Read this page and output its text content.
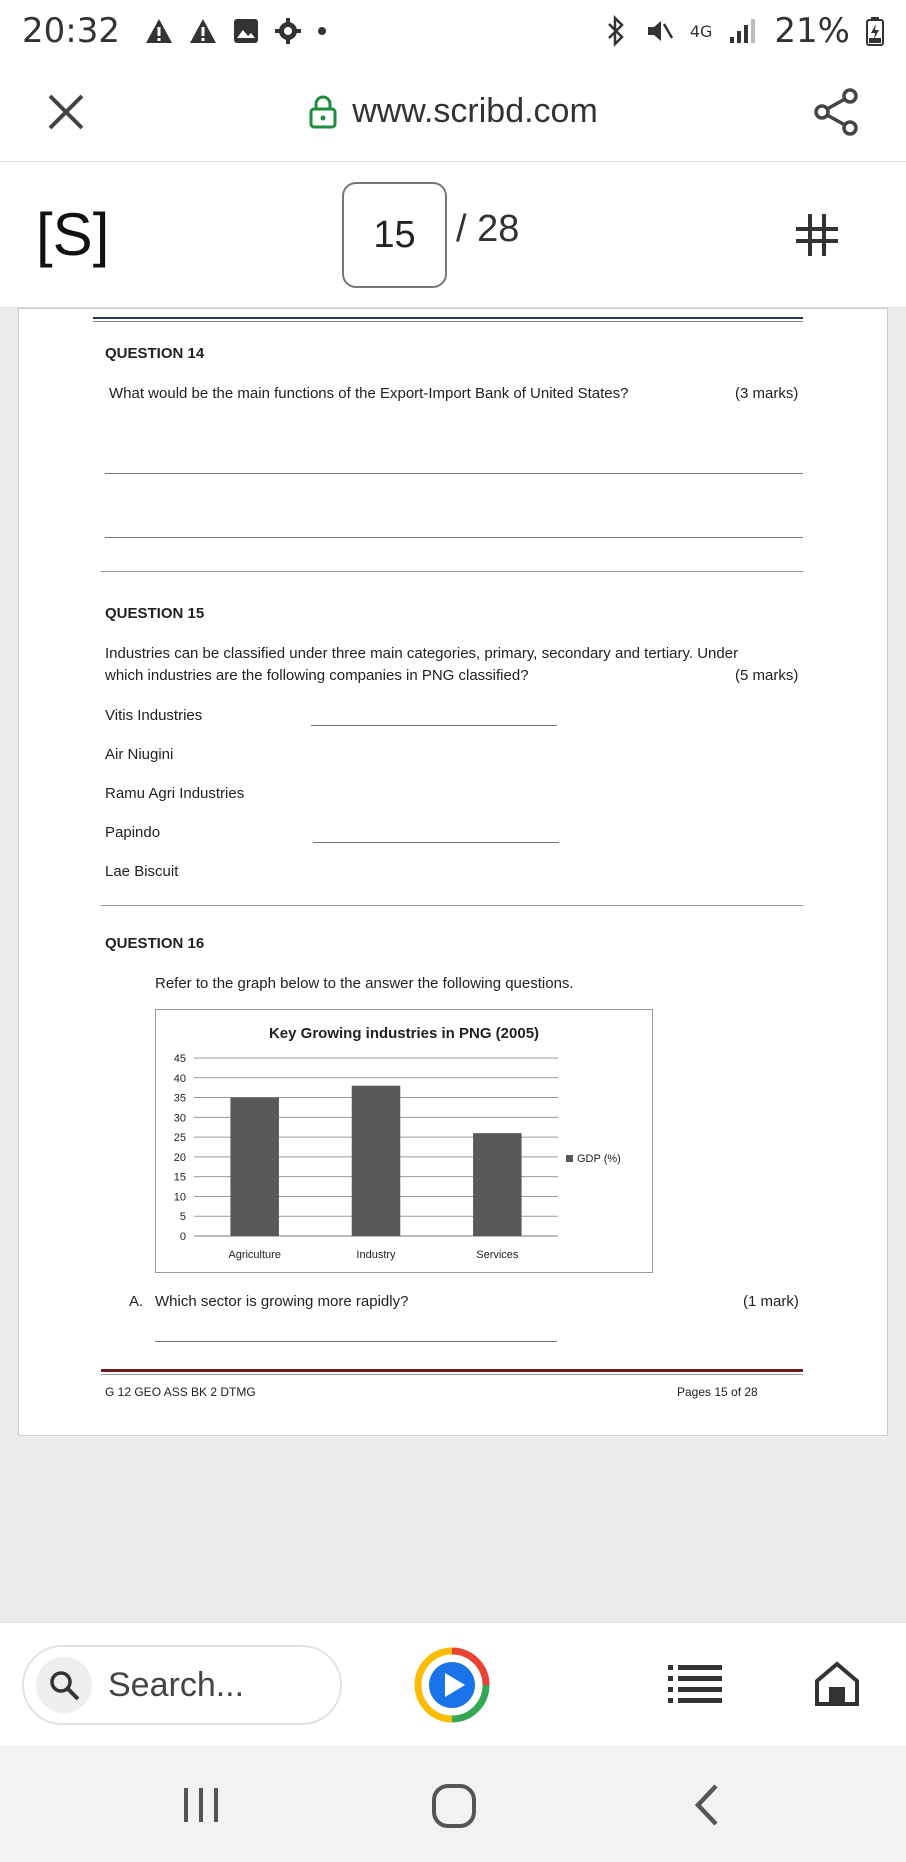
20:32	4G 21%
www.scribd.com
[S]	15	/ 28
QUESTION 14
What would be the main functions of the Export-Import Bank of United States?	(3 marks)
QUESTION 15
Industries can be classified under three main categories, primary, secondary and tertiary. Under
which industries are the following companies in PNG classified?	(5 marks)
Vitis Industries
Air Niugini
Ramu Agri Industries
Papindo
Lae Biscuit
QUESTION 16
Refer to the graph below to the answer the following questions.
Key Growing industries in PNG (2005)
0
5
10
15
20
25
30
35
40
45
Agriculture	Industry	Services
GDP (%)
A. Which sector is growing more rapidly?	(1 mark)
G 12 GEO ASS BK 2 DTMG	Pages 15 of 28
Search...
